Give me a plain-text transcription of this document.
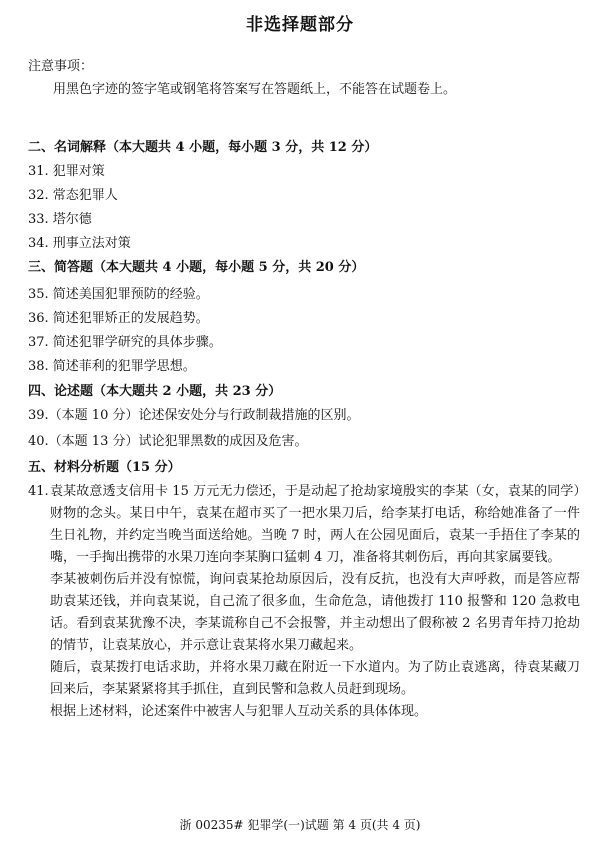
非选择题部分
注意事项：
用黑色字迹的签字笔或钢笔将答案写在答题纸上，不能答在试题卷上。
二、名词解释（本大题共 4 小题，每小题 3 分，共 12 分）
31. 犯罪对策
32. 常态犯罪人
33. 塔尔德
34. 刑事立法对策
三、简答题（本大题共 4 小题，每小题 5 分，共 20 分）
35. 简述美国犯罪预防的经验。
36. 简述犯罪矫正的发展趋势。
37. 简述犯罪学研究的具体步骤。
38. 简述菲利的犯罪学思想。
四、论述题（本大题共 2 小题，共 23 分）
39.（本题 10 分）论述保安处分与行政制裁措施的区别。
40.（本题 13 分）试论犯罪黑数的成因及危害。
五、材料分析题（15 分）
41. 袁某故意透支信用卡 15 万元无力偿还，于是动起了抢劫家境殷实的李某（女，袁某的同学）财物的念头。某日中午，袁某在超市买了一把水果刀后，给李某打电话，称给她准备了一件生日礼物，并约定当晚当面送给她。当晚 7 时，两人在公园见面后，袁某一手捂住了李某的嘴，一手掏出携带的水果刀连向李某胸口猛刺 4 刀，准备将其刺伤后，再向其家属要钱。

李某被刺伤后并没有惊慌，询问袁某抢劫原因后，没有反抗，也没有大声呼救，而是答应帮助袁某还钱，并向袁某说，自己流了很多血，生命危急，请他拨打 110 报警和 120 急救电话。看到袁某犹豫不决，李某谎称自己不会报警，并主动想出了假称被 2 名男青年持刀抢劫的情节，让袁某放心，并示意让袁某将水果刀藏起来。

随后，袁某拨打电话求助，并将水果刀藏在附近一下水道内。为了防止袁逃离，待袁某藏刀回来后，李某紧紧将其手抓住，直到民警和急救人员赶到现场。

根据上述材料，论述案件中被害人与犯罪人互动关系的具体体现。

浙 00235# 犯罪学(一)试题 第 4 页(共 4 页)
